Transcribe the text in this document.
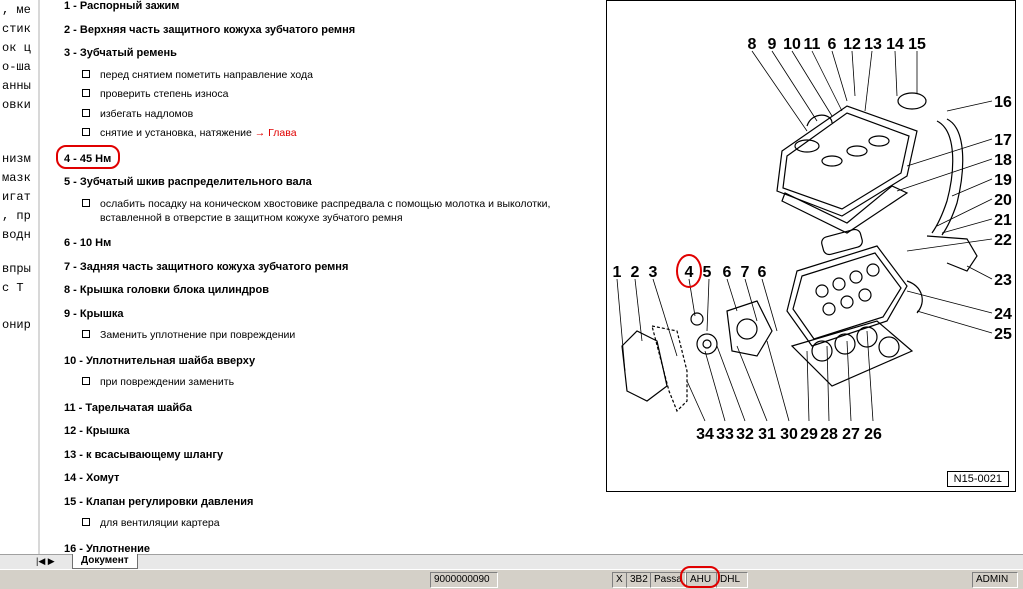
, ме
стик
ок ц
о-ша
анны
овки
низм
мазк
игат
, пр
водн
впры
с Т
онир
1 - Распорный зажим
2 - Верхняя часть защитного кожуха зубчатого ремня
3 - Зубчатый ремень
перед снятием пометить направление хода
проверить степень износа
избегать надломов
снятие и установка, натяжение → Глава
4 - 45 Нм
5 - Зубчатый шкив распределительного вала
ослабить посадку на коническом хвостовике распредвала с помощью молотка и выколотки,
вставленной в отверстие в защитном кожухе зубчатого ремня
6 - 10 Нм
7 - Задняя часть защитного кожуха зубчатого ремня
8 - Крышка головки блока цилиндров
9 - Крышка
Заменить уплотнение при повреждении
10 - Уплотнительная шайба вверху
при повреждении заменить
11 - Тарельчатая шайба
12 - Крышка
13 - к всасывающему шлангу
14 - Хомут
15 - Клапан регулировки давления
для вентиляции картера
16 - Уплотнение
8 9 10 11 6 12 13 14 15
16
17
18
19
20
21
22
23
24
25
1 2 3 4 5 6 7 6
34 33 32 31 30 29 28 27 26
N15-0021
|◀ ▶	Документ
9000000090	X 3B2 Passa AHU DHL	ADMIN
